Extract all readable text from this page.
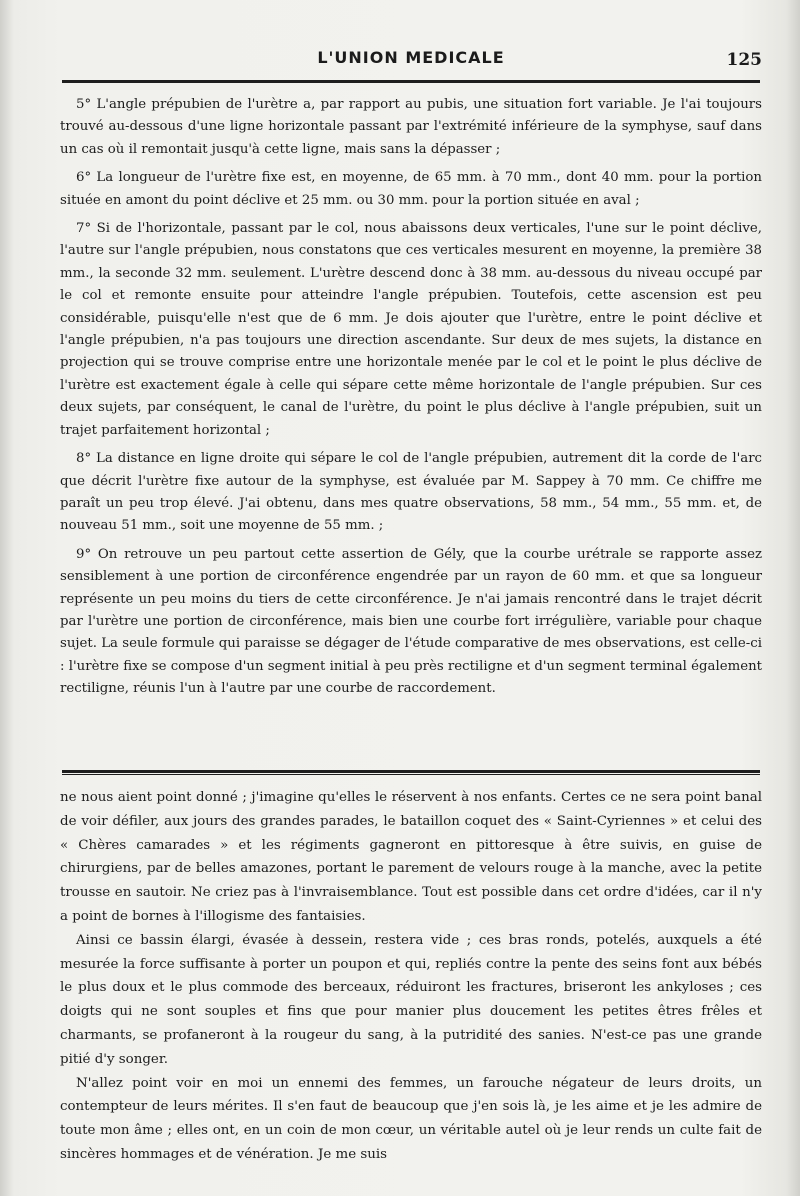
L'UNION MEDICALE	125

5° L'angle prépubien de l'urètre a, par rapport au pubis, une situation fort variable. Je l'ai toujours trouvé au-dessous d'une ligne horizontale passant par l'extrémité inférieure de la symphyse, sauf dans un cas où il remontait jusqu'à cette ligne, mais sans la dépasser ;

6° La longueur de l'urètre fixe est, en moyenne, de 65 mm. à 70 mm., dont 40 mm. pour la portion située en amont du point déclive et 25 mm. ou 30 mm. pour la portion située en aval ;

7° Si de l'horizontale, passant par le col, nous abaissons deux verticales, l'une sur le point déclive, l'autre sur l'angle prépubien, nous constatons que ces verticales mesurent en moyenne, la première 38 mm., la seconde 32 mm. seulement. L'urètre descend donc à 38 mm. au-dessous du niveau occupé par le col et remonte ensuite pour atteindre l'angle prépubien. Toutefois, cette ascension est peu considérable, puisqu'elle n'est que de 6 mm. Je dois ajouter que l'urètre, entre le point déclive et l'angle prépubien, n'a pas toujours une direction ascendante. Sur deux de mes sujets, la distance en projection qui se trouve comprise entre une horizontale menée par le col et le point le plus déclive de l'urètre est exactement égale à celle qui sépare cette même horizontale de l'angle prépubien. Sur ces deux sujets, par conséquent, le canal de l'urètre, du point le plus déclive à l'angle prépubien, suit un trajet parfaitement horizontal ;

8° La distance en ligne droite qui sépare le col de l'angle prépubien, autrement dit la corde de l'arc que décrit l'urètre fixe autour de la symphyse, est évaluée par M. Sappey à 70 mm. Ce chiffre me paraît un peu trop élevé. J'ai obtenu, dans mes quatre observations, 58 mm., 54 mm., 55 mm. et, de nouveau 51 mm., soit une moyenne de 55 mm. ;

9° On retrouve un peu partout cette assertion de Gély, que la courbe urétrale se rapporte assez sensiblement à une portion de circonférence engendrée par un rayon de 60 mm. et que sa longueur représente un peu moins du tiers de cette circonférence. Je n'ai jamais rencontré dans le trajet décrit par l'urètre une portion de circonférence, mais bien une courbe fort irrégulière, variable pour chaque sujet. La seule formule qui paraisse se dégager de l'étude comparative de mes observations, est celle-ci : l'urètre fixe se compose d'un segment initial à peu près rectiligne et d'un segment terminal également rectiligne, réunis l'un à l'autre par une courbe de raccordement.

ne nous aient point donné ; j'imagine qu'elles le réservent à nos enfants. Certes ce ne sera point banal de voir défiler, aux jours des grandes parades, le bataillon coquet des « Saint-Cyriennes » et celui des « Chères camarades » et les régiments gagneront en pittoresque à être suivis, en guise de chirurgiens, par de belles amazones, portant le parement de velours rouge à la manche, avec la petite trousse en sautoir. Ne criez pas à l'invraisemblance. Tout est possible dans cet ordre d'idées, car il n'y a point de bornes à l'illogisme des fantaisies.

Ainsi ce bassin élargi, évasée à dessein, restera vide ; ces bras ronds, potelés, auxquels a été mesurée la force suffisante à porter un poupon et qui, repliés contre la pente des seins font aux bébés le plus doux et le plus commode des berceaux, réduiront les fractures, briseront les ankyloses ; ces doigts qui ne sont souples et fins que pour manier plus doucement les petites êtres frêles et charmants, se profaneront à la rougeur du sang, à la putridité des sanies. N'est-ce pas une grande pitié d'y songer.

N'allez point voir en moi un ennemi des femmes, un farouche négateur de leurs droits, un contempteur de leurs mérites. Il s'en faut de beaucoup que j'en sois là, je les aime et je les admire de toute mon âme ; elles ont, en un coin de mon cœur, un véritable autel où je leur rends un culte fait de sincères hommages et de vénération. Je me suis
